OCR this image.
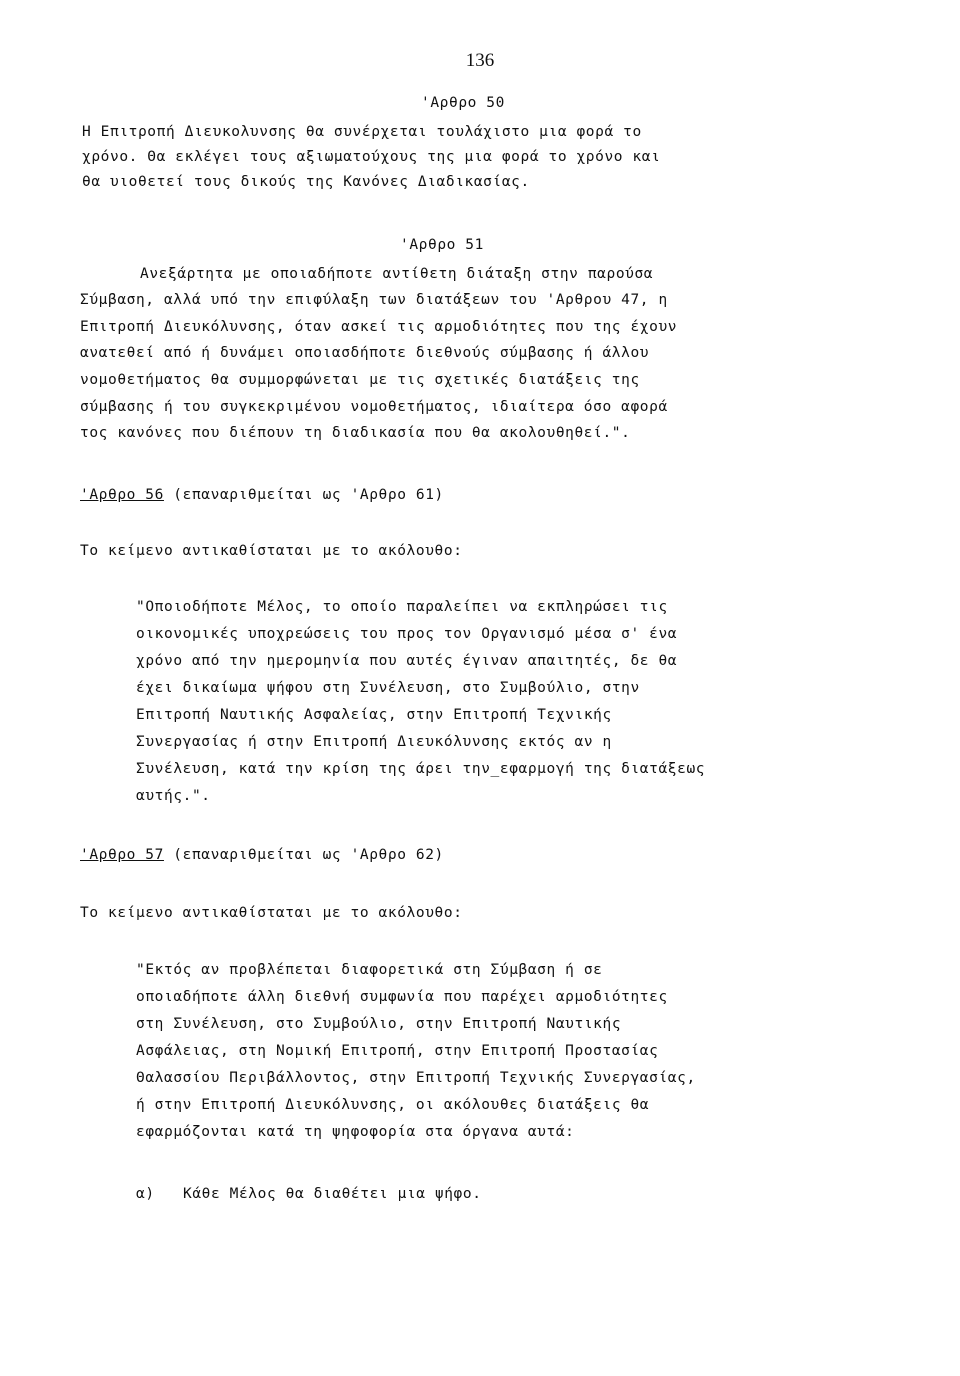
136
'Αρθρο 50
Η Επιτροπή Διευκολυνσης θα συνέρχεται τουλάχιστο μια φορά το
χρόνο. Θα εκλέγει τους αξιωματούχους της μια φορά το χρόνο και
θα υιοθετεί τους δικούς της Κανόνες Διαδικασίας.
'Αρθρο 51
Ανεξάρτητα με οποιαδήποτε αντίθετη διάταξη στην παρούσα
Σύμβαση, αλλά υπό την επιφύλαξη των διατάξεων του 'Αρθρου 47, η
Επιτροπή Διευκόλυνσης, όταν ασκεί τις αρμοδιότητες που της έχουν
ανατεθεί από ή δυνάμει οποιασδήποτε διεθνούς σύμβασης ή άλλου
νομοθετήματος θα συμμορφώνεται με τις σχετικές διατάξεις της
σύμβασης ή του συγκεκριμένου νομοθετήματος, ιδιαίτερα όσο αφορά
τος κανόνες που διέπουν τη διαδικασία που θα ακολουθηθεί.".
'Αρθρο 56 (επαναριθμείται ως 'Αρθρο 61)
Το κείμενο αντικαθίσταται με το ακόλουθο:
"Οποιοδήποτε Μέλος, το οποίο παραλείπει να εκπληρώσει τις
οικονομικές υποχρεώσεις του προς τον Οργανισμό μέσα σ' ένα
χρόνο από την ημερομηνία που αυτές έγιναν απαιτητές, δε θα
έχει δικαίωμα ψήφου στη Συνέλευση, στο Συμβούλιο, στην
Επιτροπή Ναυτικής Ασφαλείας, στην Επιτροπή Τεχνικής
Συνεργασίας ή στην Επιτροπή Διευκόλυνσης εκτός αν η
Συνέλευση, κατά την κρίση της άρει την_εφαρμογή της διατάξεως
αυτής.".
'Αρθρο 57 (επαναριθμείται ως 'Αρθρο 62)
Το κείμενο αντικαθίσταται με το ακόλουθο:
"Εκτός αν προβλέπεται διαφορετικά στη Σύμβαση ή σε
οποιαδήποτε άλλη διεθνή συμφωνία που παρέχει αρμοδιότητες
στη Συνέλευση, στο Συμβούλιο, στην Επιτροπή Ναυτικής
Ασφάλειας, στη Νομική Επιτροπή, στην Επιτροπή Προστασίας
Θαλασσίου Περιβάλλοντος, στην Επιτροπή Τεχνικής Συνεργασίας,
ή στην Επιτροπή Διευκόλυνσης, οι ακόλουθες διατάξεις θα
εφαρμόζονται κατά τη ψηφοφορία στα όργανα αυτά:
α) Κάθε Μέλος θα διαθέτει μια ψήφο.
